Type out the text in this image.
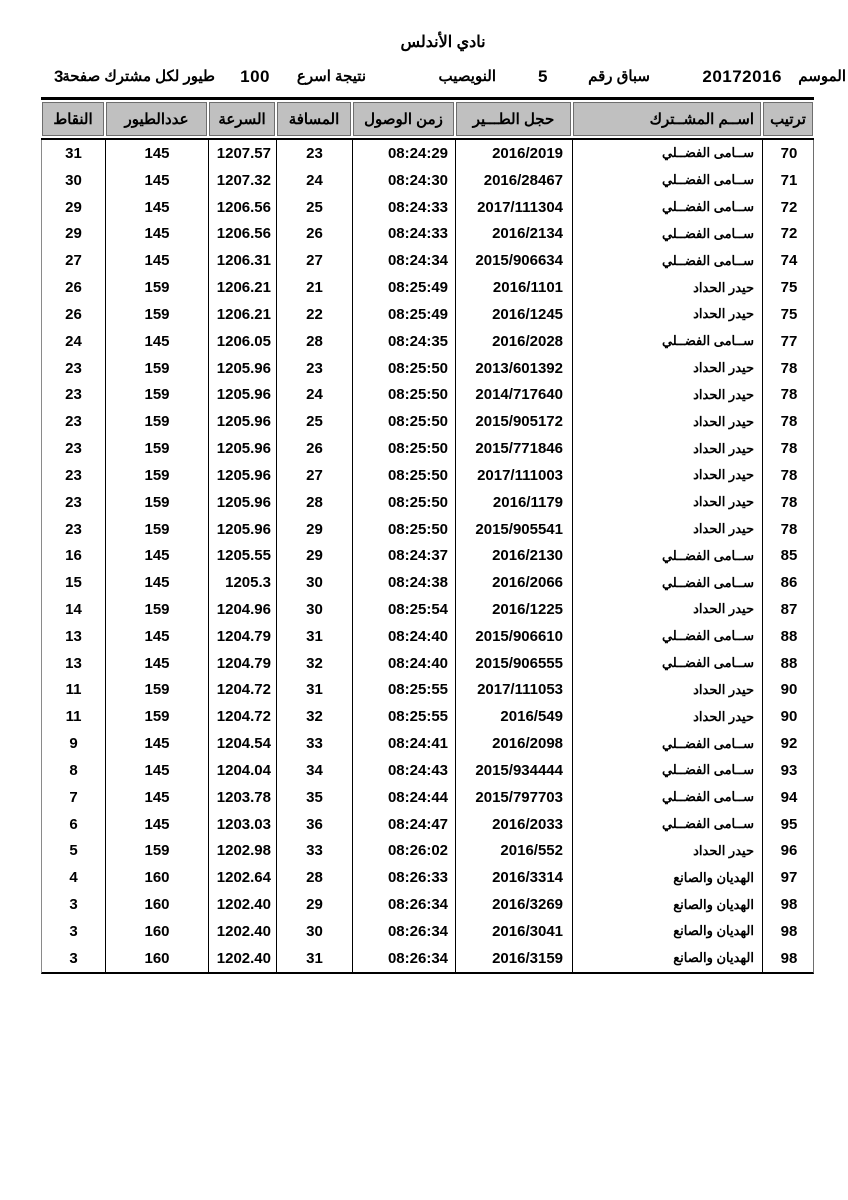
نادي الأندلس
الموسم
20172016
سباق رقم
5
النويصيب
نتيجة اسرع
100
طيور لكل مشترك صفحة
3
النقاط	عددالطيور	السرعة	المسافة	زمن الوصول	حجل الطـــير	اســم المشــترك	ترتيب
31	145	1207.57	23	08:24:29	2016/2019	ســامى الفضــلي	70
30	145	1207.32	24	08:24:30	2016/28467	ســامى الفضــلي	71
29	145	1206.56	25	08:24:33	2017/111304	ســامى الفضــلي	72
29	145	1206.56	26	08:24:33	2016/2134	ســامى الفضــلي	72
27	145	1206.31	27	08:24:34	2015/906634	ســامى الفضــلي	74
26	159	1206.21	21	08:25:49	2016/1101	حيدر الحداد	75
26	159	1206.21	22	08:25:49	2016/1245	حيدر الحداد	75
24	145	1206.05	28	08:24:35	2016/2028	ســامى الفضــلي	77
23	159	1205.96	23	08:25:50	2013/601392	حيدر الحداد	78
23	159	1205.96	24	08:25:50	2014/717640	حيدر الحداد	78
23	159	1205.96	25	08:25:50	2015/905172	حيدر الحداد	78
23	159	1205.96	26	08:25:50	2015/771846	حيدر الحداد	78
23	159	1205.96	27	08:25:50	2017/111003	حيدر الحداد	78
23	159	1205.96	28	08:25:50	2016/1179	حيدر الحداد	78
23	159	1205.96	29	08:25:50	2015/905541	حيدر الحداد	78
16	145	1205.55	29	08:24:37	2016/2130	ســامى الفضــلي	85
15	145	1205.3	30	08:24:38	2016/2066	ســامى الفضــلي	86
14	159	1204.96	30	08:25:54	2016/1225	حيدر الحداد	87
13	145	1204.79	31	08:24:40	2015/906610	ســامى الفضــلي	88
13	145	1204.79	32	08:24:40	2015/906555	ســامى الفضــلي	88
11	159	1204.72	31	08:25:55	2017/111053	حيدر الحداد	90
11	159	1204.72	32	08:25:55	2016/549	حيدر الحداد	90
9	145	1204.54	33	08:24:41	2016/2098	ســامى الفضــلي	92
8	145	1204.04	34	08:24:43	2015/934444	ســامى الفضــلي	93
7	145	1203.78	35	08:24:44	2015/797703	ســامى الفضــلي	94
6	145	1203.03	36	08:24:47	2016/2033	ســامى الفضــلي	95
5	159	1202.98	33	08:26:02	2016/552	حيدر الحداد	96
4	160	1202.64	28	08:26:33	2016/3314	الهديان والصانع	97
3	160	1202.40	29	08:26:34	2016/3269	الهديان والصانع	98
3	160	1202.40	30	08:26:34	2016/3041	الهديان والصانع	98
3	160	1202.40	31	08:26:34	2016/3159	الهديان والصانع	98
